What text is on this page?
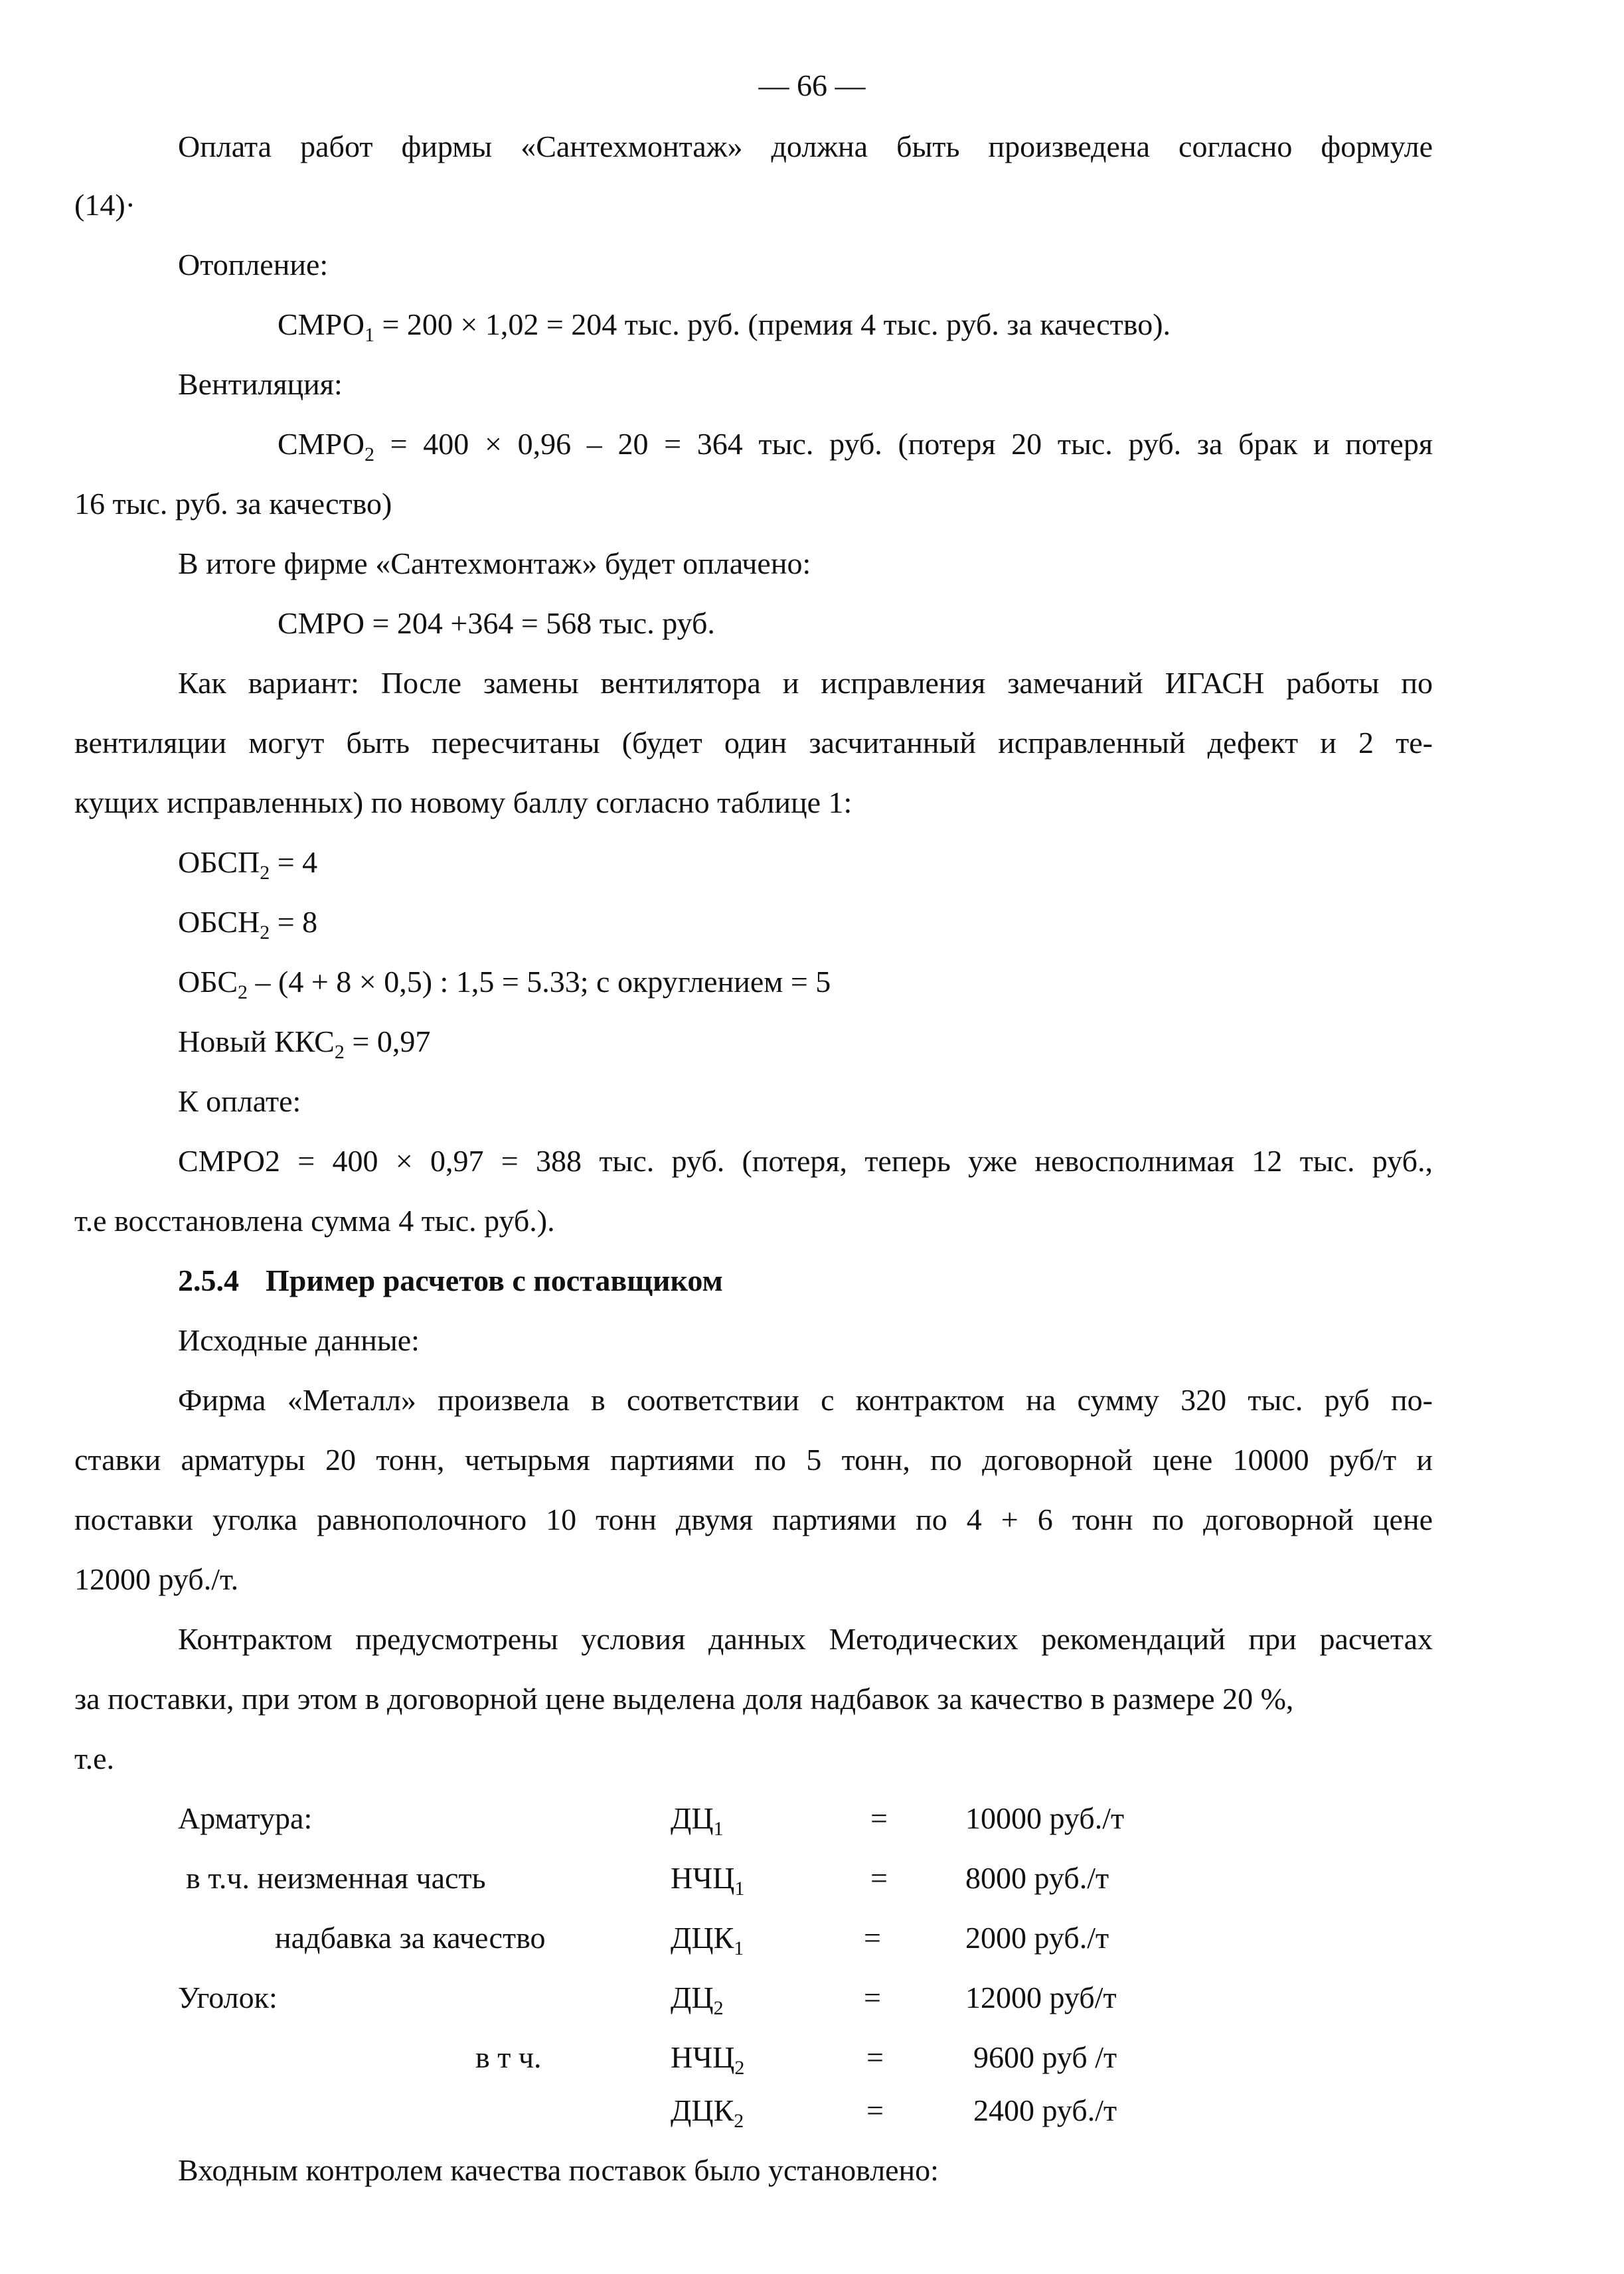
— 66 —
Оплата работ фирмы «Сантехмонтаж» должна быть произведена согласно формуле
(14)·
Отопление:
$СМРО_1 = 200 \times 1,02 = 204$ тыс. руб. (премия 4 тыс. руб. за качество).
Вентиляция:
$СМРО_2 = 400 \times 0,96 - 20 = 364$ тыс. руб. (потеря 20 тыс. руб. за брак и потеря
16 тыс. руб. за качество)
В итоге фирме «Сантехмонтаж» будет оплачено:
СМРО = 204 +364 = 568 тыс. руб.
Как вариант: После замены вентилятора и исправления замечаний ИГАСН работы по
вентиляции могут быть пересчитаны (будет один засчитанный исправленный дефект и 2 те-
кущих исправленных) по новому баллу согласно таблице 1:
$ОБСП_2 = 4$
$ОБСН_2 = 8$
$ОБС_2 - (4 + 8 \times 0,5)$ : 1,5 = 5.33; с округлением = 5
Новый $ККС_2 = 0,97$
К оплате:
СМРО2 = 400 × 0,97 = 388 тыс. руб. (потеря, теперь уже невосполнимая 12 тыс. руб.,
т.е восстановлена сумма 4 тыс. руб.).
2.5.4 Пример расчетов с поставщиком
Исходные данные:
Фирма «Металл» произвела в соответствии с контрактом на сумму 320 тыс. руб по-
ставки арматуры 20 тонн, четырьмя партиями по 5 тонн, по договорной цене 10000 руб/т и
поставки уголка равнополочного 10 тонн двумя партиями по 4 + 6 тонн по договорной цене
12000 руб./т.
Контрактом предусмотрены условия данных Методических рекомендаций при расчетах
за поставки, при этом в договорной цене выделена доля надбавок за качество в размере 20 %,
т.е.
Арматура:	$ДЦ_1$	=	10000 руб./т
в т.ч. неизменная часть	$НЧЦ_1$	=	8000 руб./т
надбавка за качество	$ДЦК_1$	=	2000 руб./т
Уголок:	$ДЦ_2$	=	12000 руб/т
в т ч.	$НЧЦ_2$	=	9600 руб /т
$ДЦК_2$	=	2400 руб./т
Входным контролем качества поставок было установлено:
